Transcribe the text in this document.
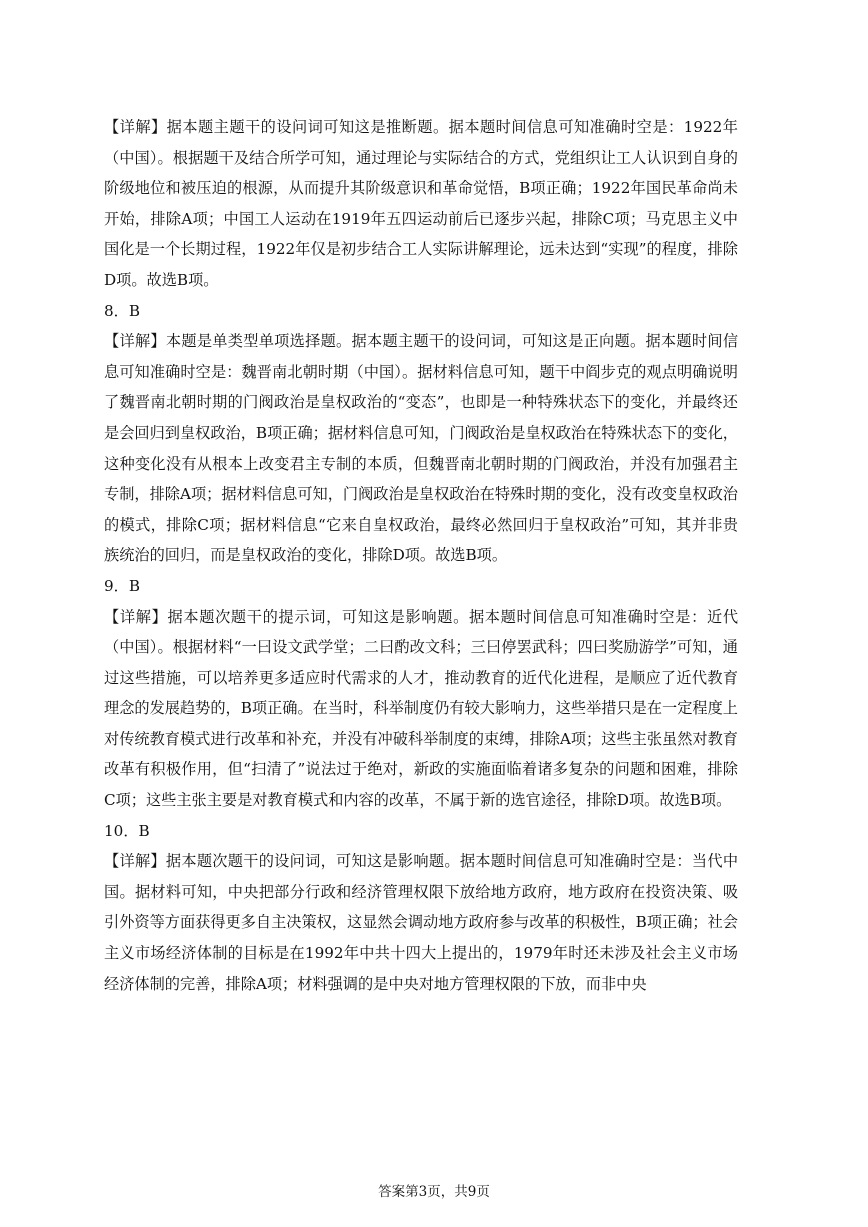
【详解】据本题主题干的设问词可知这是推断题。据本题时间信息可知准确时空是：1922年（中国）。根据题干及结合所学可知，通过理论与实际结合的方式，党组织让工人认识到自身的阶级地位和被压迫的根源，从而提升其阶级意识和革命觉悟，B项正确；1922年国民革命尚未开始，排除A项；中国工人运动在1919年五四运动前后已逐步兴起，排除C项；马克思主义中国化是一个长期过程，1922年仅是初步结合工人实际讲解理论，远未达到“实现”的程度，排除D项。故选B项。

8．B

【详解】本题是单类型单项选择题。据本题主题干的设问词，可知这是正向题。据本题时间信息可知准确时空是：魏晋南北朝时期（中国）。据材料信息可知，题干中阎步克的观点明确说明了魏晋南北朝时期的门阀政治是皇权政治的“变态”，也即是一种特殊状态下的变化，并最终还是会回归到皇权政治，B项正确；据材料信息可知，门阀政治是皇权政治在特殊状态下的变化，这种变化没有从根本上改变君主专制的本质，但魏晋南北朝时期的门阀政治，并没有加强君主专制，排除A项；据材料信息可知，门阀政治是皇权政治在特殊时期的变化，没有改变皇权政治的模式，排除C项；据材料信息“它来自皇权政治，最终必然回归于皇权政治”可知，其并非贵族统治的回归，而是皇权政治的变化，排除D项。故选B项。

9．B

【详解】据本题次题干的提示词，可知这是影响题。据本题时间信息可知准确时空是：近代（中国）。根据材料“一曰设文武学堂；二曰酌改文科；三曰停罢武科；四曰奖励游学”可知，通过这些措施，可以培养更多适应时代需求的人才，推动教育的近代化进程，是顺应了近代教育理念的发展趋势的，B项正确。在当时，科举制度仍有较大影响力，这些举措只是在一定程度上对传统教育模式进行改革和补充，并没有冲破科举制度的束缚，排除A项；这些主张虽然对教育改革有积极作用，但“扫清了”说法过于绝对，新政的实施面临着诸多复杂的问题和困难，排除C项；这些主张主要是对教育模式和内容的改革，不属于新的选官途径，排除D项。故选B项。

10．B

【详解】据本题次题干的设问词，可知这是影响题。据本题时间信息可知准确时空是：当代中国。据材料可知，中央把部分行政和经济管理权限下放给地方政府，地方政府在投资决策、吸引外资等方面获得更多自主决策权，这显然会调动地方政府参与改革的积极性，B项正确；社会主义市场经济体制的目标是在1992年中共十四大上提出的，1979年时还未涉及社会主义市场经济体制的完善，排除A项；材料强调的是中央对地方管理权限的下放，而非中央

答案第3页，共9页
